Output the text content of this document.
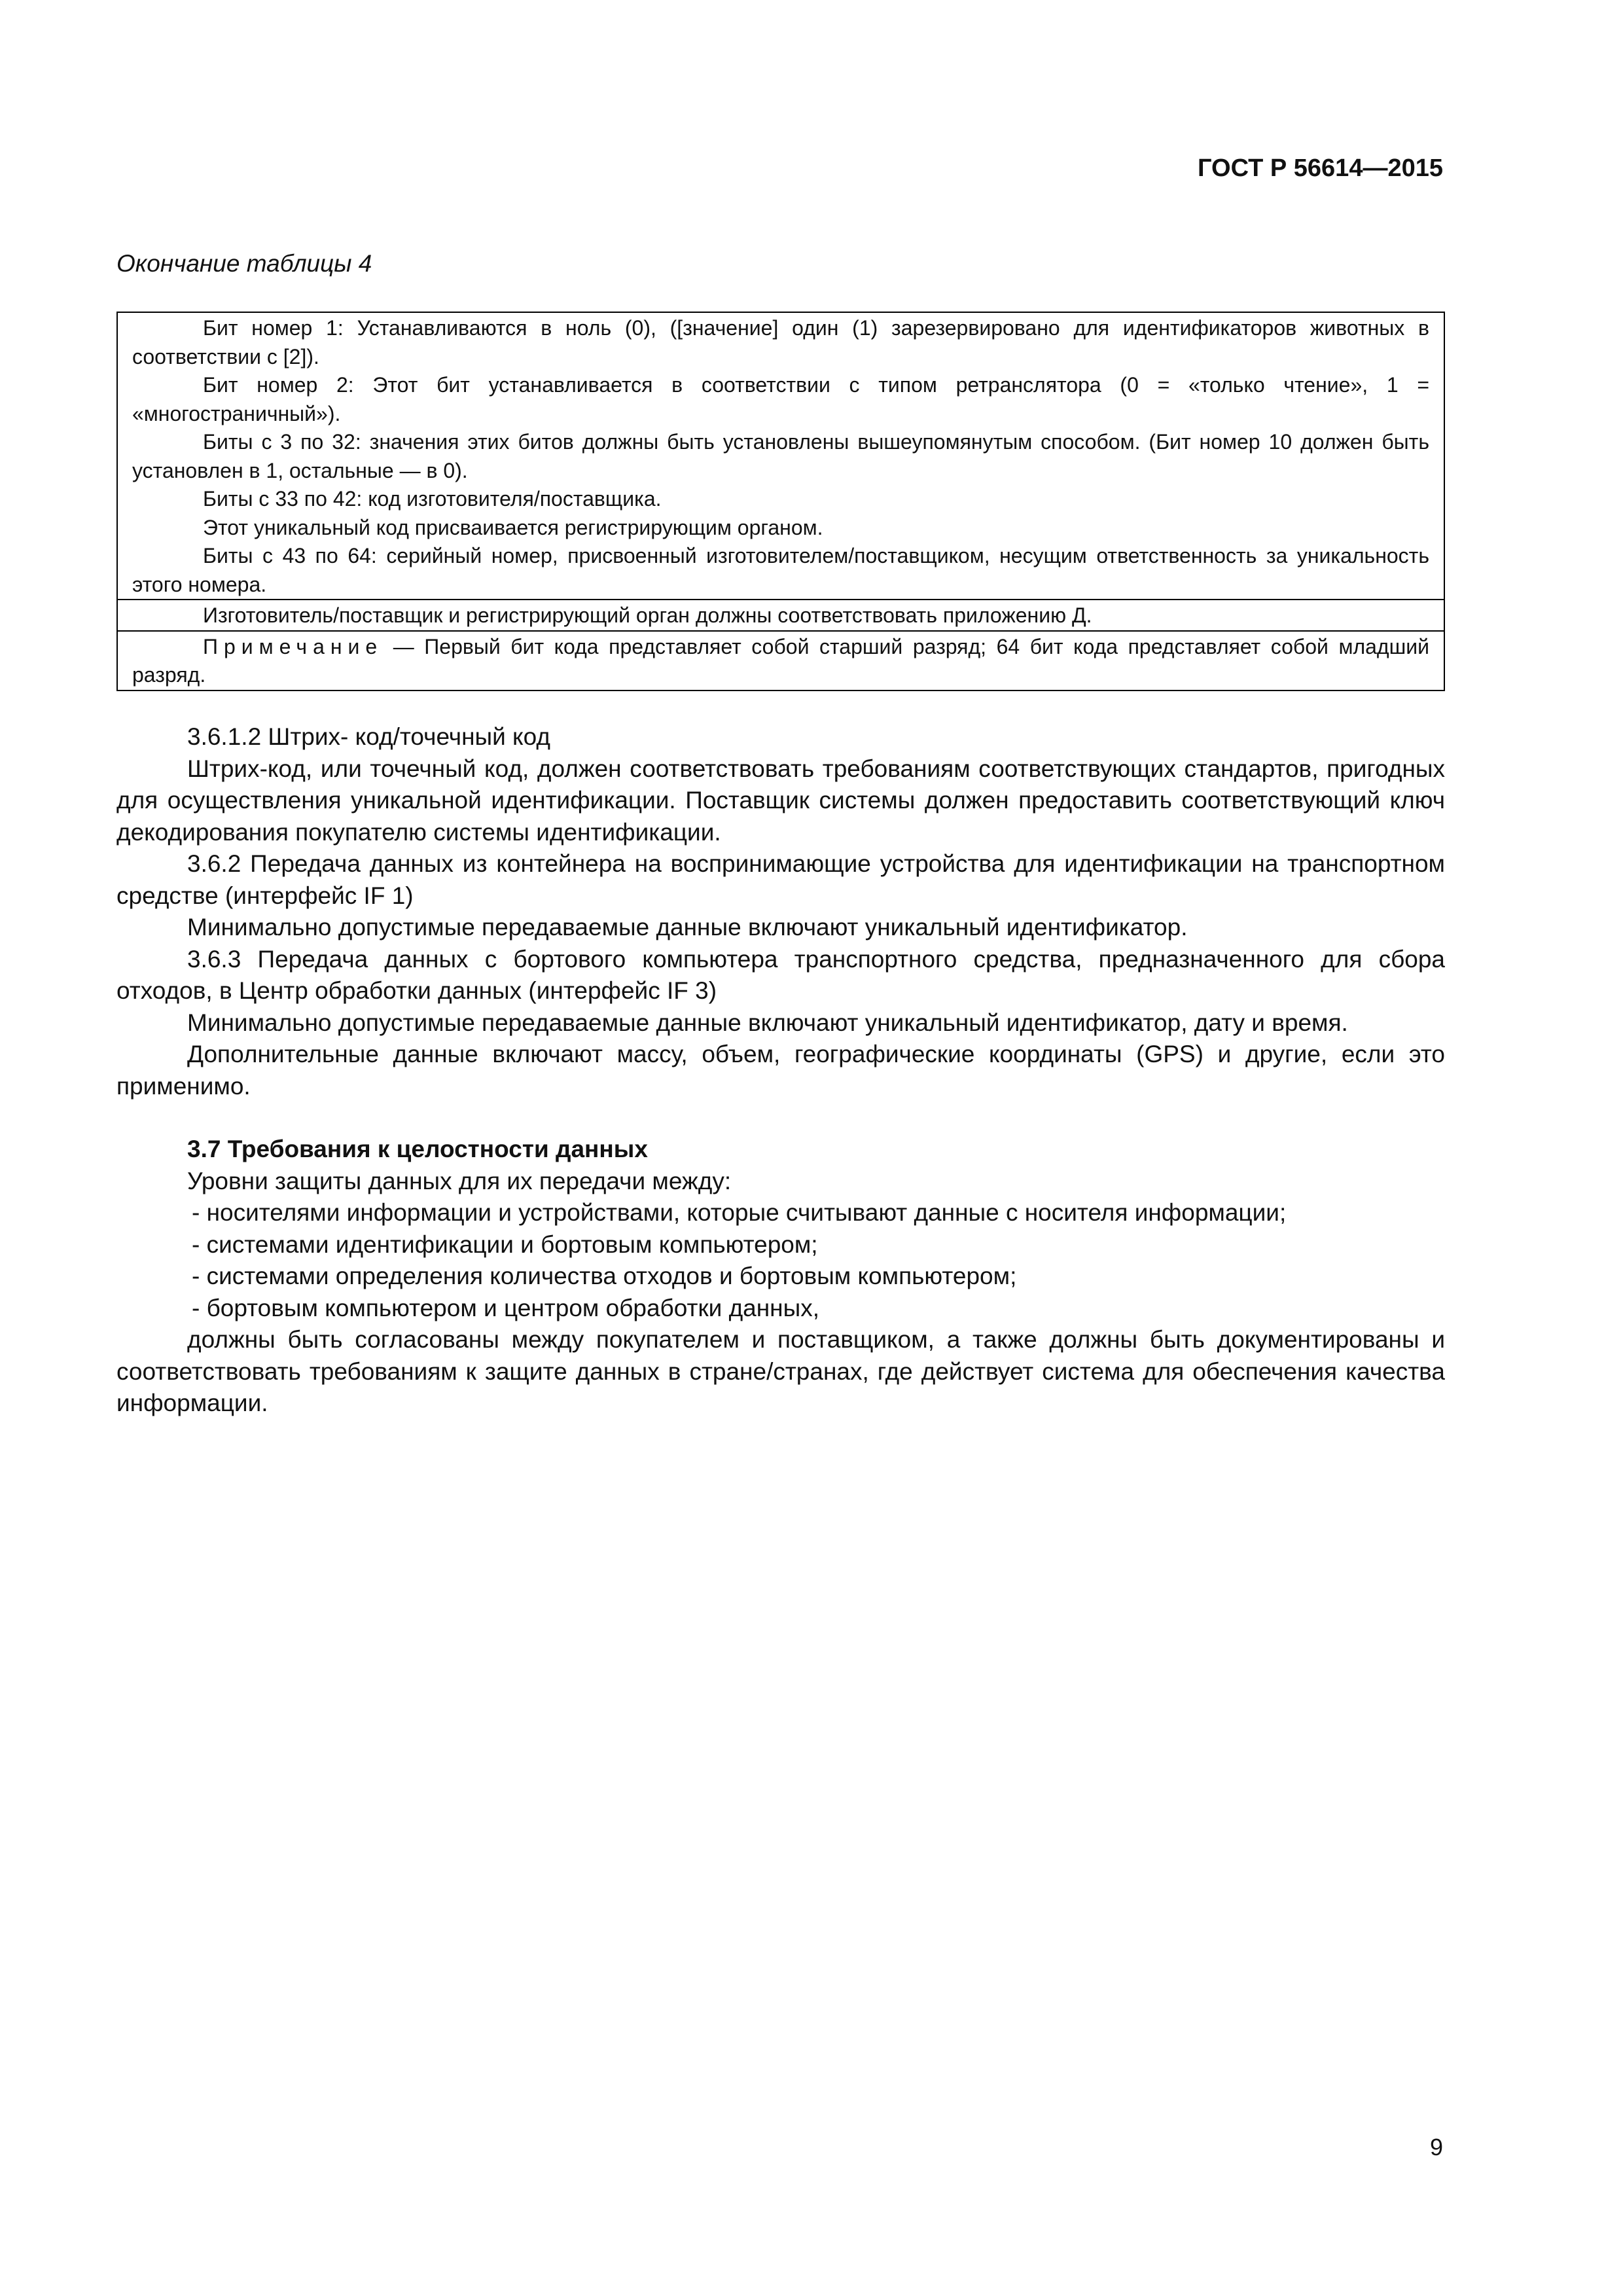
ГОСТ Р 56614—2015
Окончание таблицы 4

Бит номер 1: Устанавливаются в ноль (0), ([значение] один (1) зарезервировано для идентификаторов животных в соответствии с [2]).

Бит номер 2: Этот бит устанавливается в соответствии с типом ретранслятора (0 = «только чтение», 1 = «многостраничный»).

Биты с 3 по 32: значения этих битов должны быть установлены вышеупомянутым способом. (Бит номер 10 должен быть установлен в 1, остальные — в 0).

Биты с 33 по 42: код изготовителя/поставщика.

Этот уникальный код присваивается регистрирующим органом.

Биты с 43 по 64: серийный номер, присвоенный изготовителем/поставщиком, несущим ответственность за уникальность этого номера.

Изготовитель/поставщик и регистрирующий орган должны соответствовать приложению Д.

Примечание — Первый бит кода представляет собой старший разряд; 64 бит кода представляет собой младший разряд.

3.6.1.2 Штрих- код/точечный код

Штрих-код, или точечный код, должен соответствовать требованиям соответствующих стандартов, пригодных для осуществления уникальной идентификации. Поставщик системы должен предоставить соответствующий ключ декодирования покупателю системы идентификации.

3.6.2 Передача данных из контейнера на воспринимающие устройства для идентификации на транспортном средстве (интерфейс IF 1)

Минимально допустимые передаваемые данные включают уникальный идентификатор.

3.6.3 Передача данных с бортового компьютера транспортного средства, предназначенного для сбора отходов, в Центр обработки данных (интерфейс IF 3)

Минимально допустимые передаваемые данные включают уникальный идентификатор, дату и время.

Дополнительные данные включают массу, объем, географические координаты (GPS) и другие, если это применимо.

3.7 Требования к целостности данных

Уровни защиты данных для их передачи между:

- носителями информации и устройствами, которые считывают данные с носителя информации;

- системами идентификации и бортовым компьютером;

- системами определения количества отходов и бортовым компьютером;

- бортовым компьютером и центром обработки данных,

должны быть согласованы между покупателем и поставщиком, а также должны быть документированы и соответствовать требованиям к защите данных в стране/странах, где действует система для обеспечения качества информации.

9
